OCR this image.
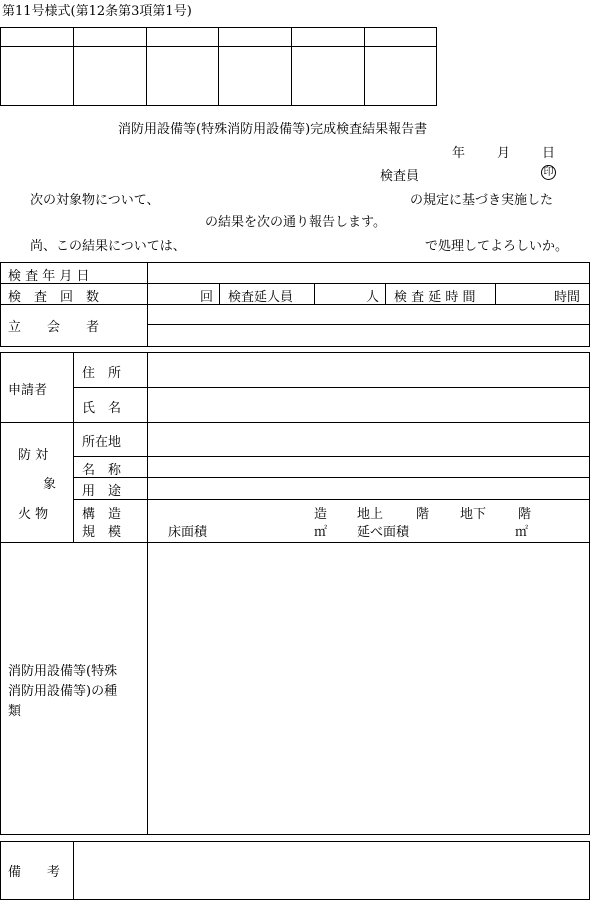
第11号様式(第12条第3項第1号)
消防用設備等(特殊消防用設備等)完成検査結果報告書
年 月 日
検査員	印
次の対象物について、	の規定に基づき実施した
の結果を次の通り報告します。
尚、この結果については、	で処理してよろしいか。
検 査 年 月 日
検　査　回　数	回 検査延人員	人 検 査 延 時 間	時間
立　　会　　者
申請者
住　所
氏　名
防 対
象
火 物
所在地
名　称
用　途
構　造
規　模
造 地上	階 地下 階
床面積	㎡ 延べ面積	㎡
消防用設備等(特殊
消防用設備等)の種
類
備　　考
